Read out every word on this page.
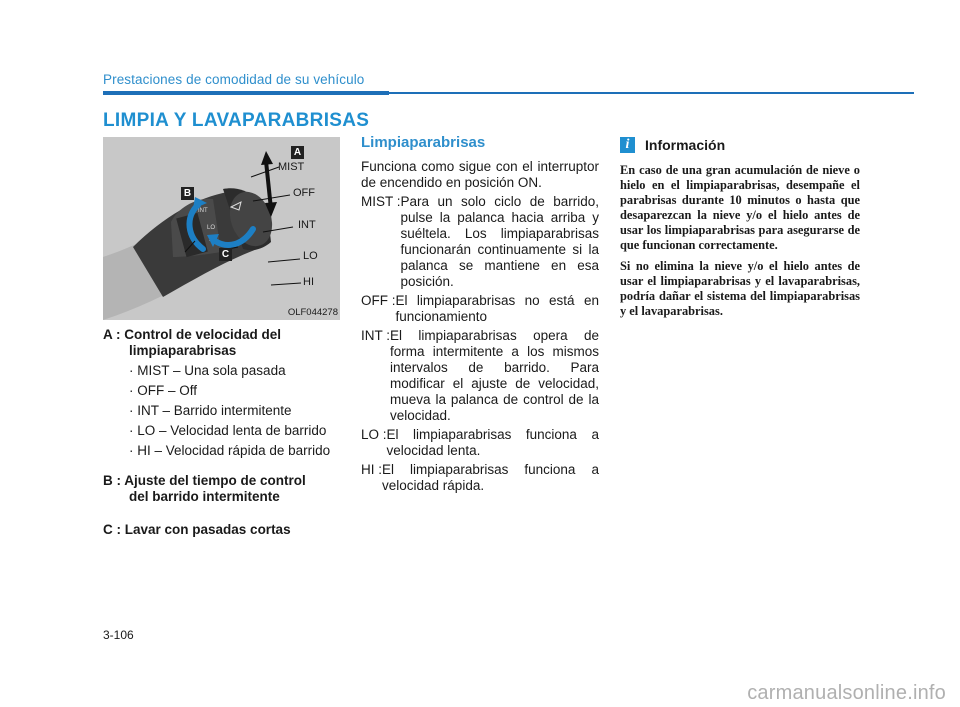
Prestaciones de comodidad de su vehículo
LIMPIA Y LAVAPARABRISAS
INT
LO
A
B
C
MIST
OFF
INT
LO
HI
OLF044278
A : Control de velocidad del
limpiaparabrisas
· MIST – Una sola pasada
· OFF – Off
· INT – Barrido intermitente
· LO – Velocidad lenta de barrido
· HI – Velocidad rápida de barrido
B : Ajuste del tiempo de control
del barrido intermitente
C : Lavar con pasadas cortas
Limpiaparabrisas
Funciona como sigue con el interruptor de encendido en posición ON.
MIST : Para un solo ciclo de barrido, pulse la palanca hacia arriba y suéltela. Los limpiaparabrisas funcionarán continuamente si la palanca se mantiene en esa posición.
OFF : El limpiaparabrisas no está en funcionamiento
INT : El limpiaparabrisas opera de forma intermitente a los mismos intervalos de barrido. Para modificar el ajuste de velocidad, mueva la palanca de control de la velocidad.
LO : El limpiaparabrisas funciona a velocidad lenta.
HI : El limpiaparabrisas funciona a velocidad rápida.
i	Información
En caso de una gran acumulación de nieve o hielo en el limpiaparabrisas, desempañe el parabrisas durante 10 minutos o hasta que desaparezcan la nieve y/o el hielo antes de usar los limpiaparabrisas para asegurarse de que funcionan correctamente.
Si no elimina la nieve y/o el hielo antes de usar el limpiaparabrisas y el lavaparabrisas, podría dañar el sistema del limpiaparabrisas y el lavaparabrisas.
3-106
carmanualsonline.info
